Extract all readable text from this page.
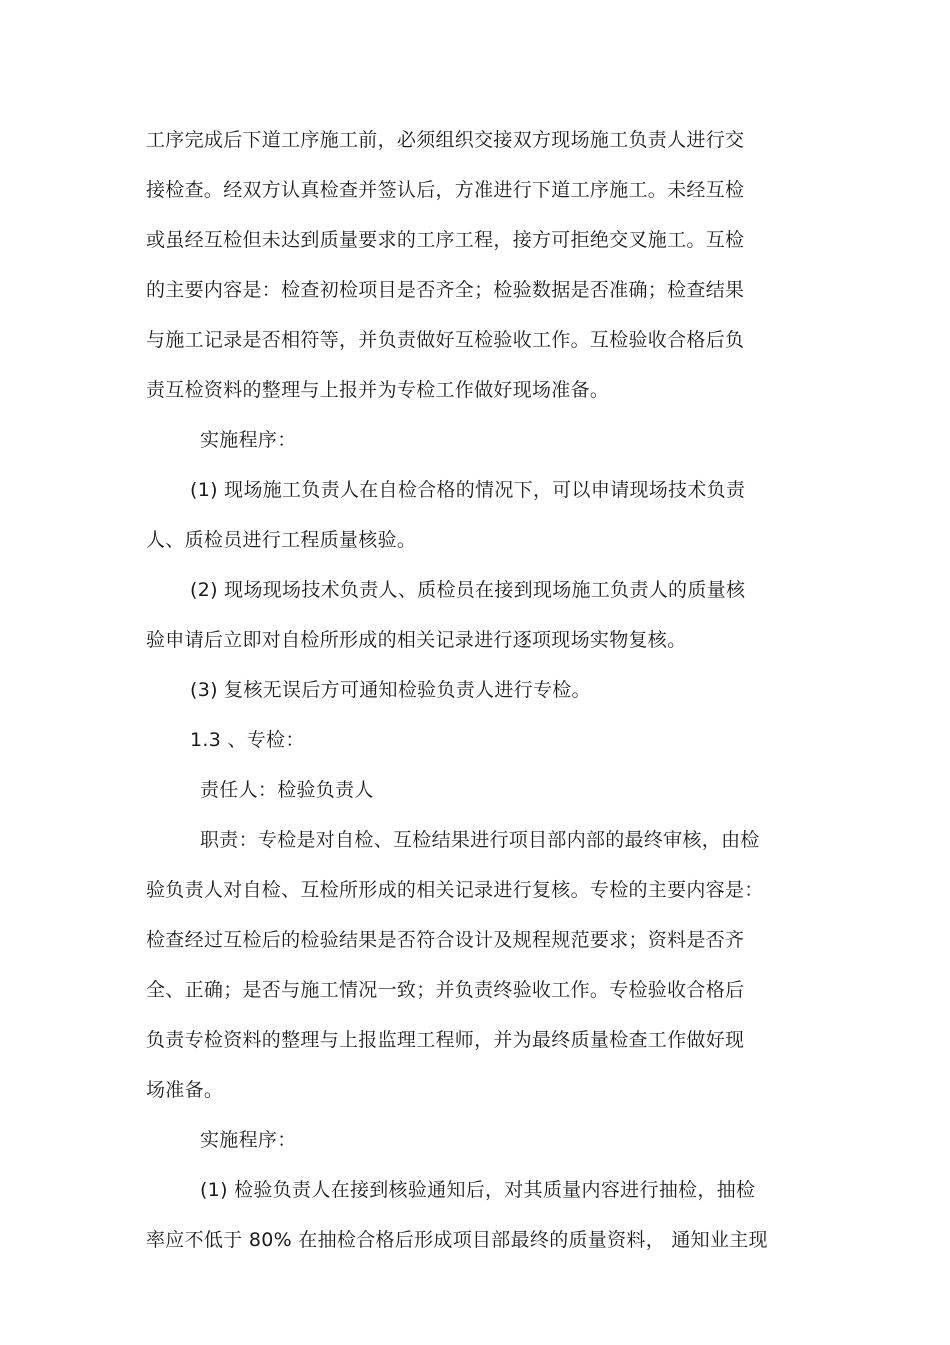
工序完成后下道工序施工前，必须组织交接双方现场施工负责人进行交
接检查。经双方认真检查并签认后，方准进行下道工序施工。未经互检
或虽经互检但未达到质量要求的工序工程，接方可拒绝交叉施工。互检
的主要内容是：检查初检项目是否齐全；检验数据是否准确；检查结果
与施工记录是否相符等，并负责做好互检验收工作。互检验收合格后负
责互检资料的整理与上报并为专检工作做好现场准备。
实施程序：
(1) 现场施工负责人在自检合格的情况下，可以申请现场技术负责
人、质检员进行工程质量核验。
(2) 现场现场技术负责人、质检员在接到现场施工负责人的质量核
验申请后立即对自检所形成的相关记录进行逐项现场实物复核。
(3) 复核无误后方可通知检验负责人进行专检。
1.3 、专检：
责任人：检验负责人
职责：专检是对自检、互检结果进行项目部内部的最终审核，由检
验负责人对自检、互检所形成的相关记录进行复核。专检的主要内容是：
检查经过互检后的检验结果是否符合设计及规程规范要求；资料是否齐
全、正确；是否与施工情况一致；并负责终验收工作。专检验收合格后
负责专检资料的整理与上报监理工程师，并为最终质量检查工作做好现
场准备。
实施程序：
(1) 检验负责人在接到核验通知后，对其质量内容进行抽检，抽检
率应不低于 80% 在抽检合格后形成项目部最终的质量资料， 通知业主现
